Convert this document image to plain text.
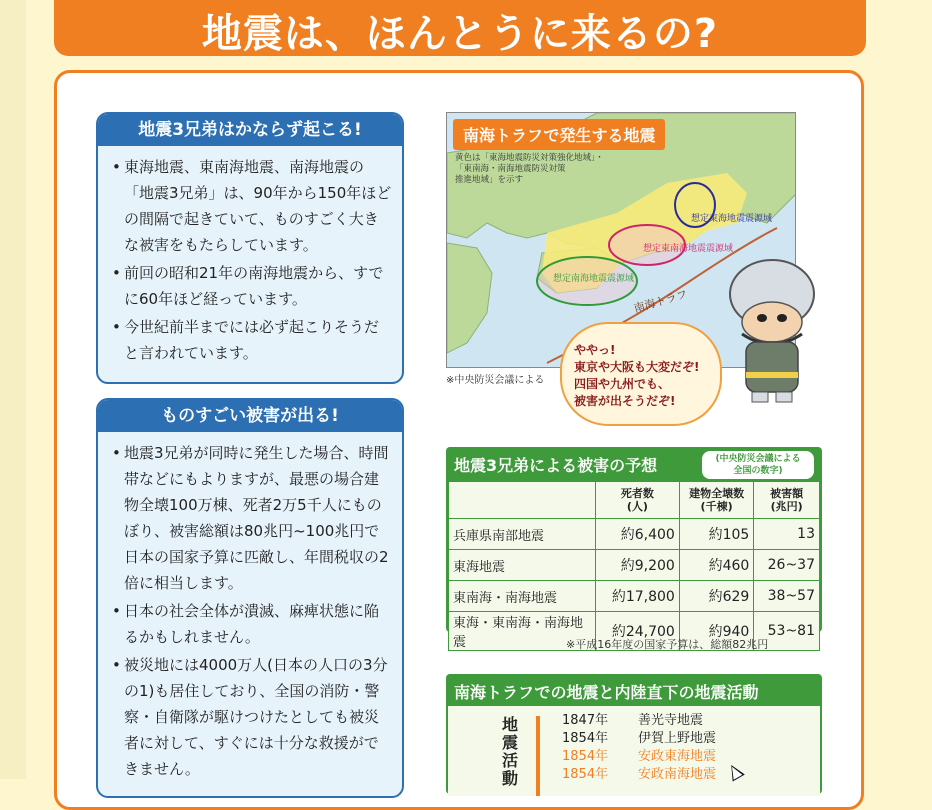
地震は、ほんとうに来るの?
地震3兄弟はかならず起こる!
• 東海地震、東南海地震、南海地震の「地震3兄弟」は、90年から150年ほどの間隔で起きていて、ものすごく大きな被害をもたらしています。
• 前回の昭和21年の南海地震から、すでに60年ほど経っています。
• 今世紀前半までには必ず起こりそうだと言われています。
ものすごい被害が出る!
• 地震3兄弟が同時に発生した場合、時間帯などにもよりますが、最悪の場合建物全壊100万棟、死者2万5千人にものぼり、被害総額は80兆円~100兆円で日本の国家予算に匹敵し、年間税収の2倍に相当します。
• 日本の社会全体が潰滅、麻痺状態に陥るかもしれません。
• 被災地には4000万人(日本の人口の3分の1)も居住しており、全国の消防・警察・自衛隊が駆けつけたとしても被災者に対して、すぐには十分な救援ができません。
南海トラフで発生する地震
黄色は「東海地震防災対策強化地域」・
「東南海・南海地震防災対策
推進地域」を示す
想定東海地震震源域
想定東南海地震震源域
想定南海地震震源域
南海トラフ
※中央防災会議による
ややっ!
東京や大阪も大変だぞ!
四国や九州でも、
被害が出そうだぞ!
地震3兄弟による被害の予想	(中央防災会議による
全国の数字)
	死者数
(人)	建物全壊数
(千棟)	被害額
(兆円)
兵庫県南部地震	約6,400	約105	13
東海地震	約9,200	約460	26~37
東南海・南海地震	約17,800	約629	38~57
東海・東南海・南海地震	約24,700	約940	53~81
※平成16年度の国家予算は、総額82兆円
南海トラフでの地震と内陸直下の地震活動
地震活動
1847年 善光寺地震
1854年 伊賀上野地震
1854年 安政東海地震
1854年 安政南海地震
